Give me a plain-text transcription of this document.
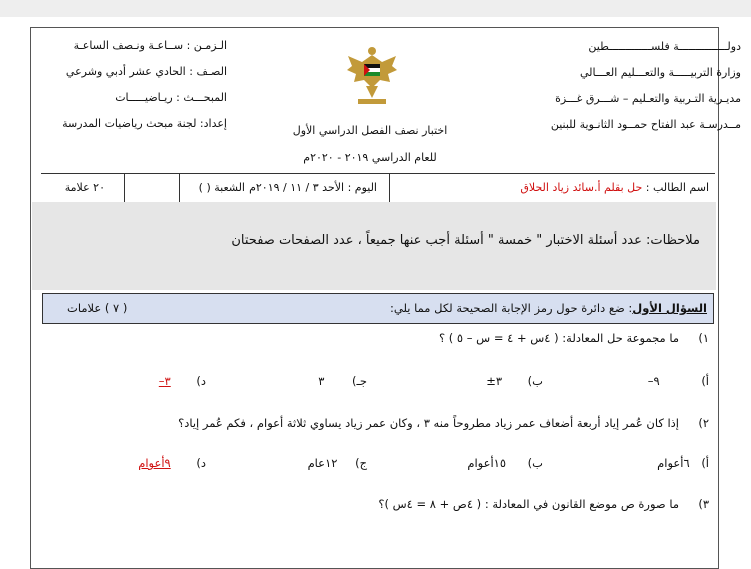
دولـــــــــــــــة فلســـــــــــــطين
وزارة التربيـــــة والتعـــليم العـــالي
مديـرية التـربية والتعـليم – شـــرق غـــزة
مــدرسـة عبد الفتاح حمــود الثانـوية للبنين
اختبار نصف الفصل الدراسي الأول
للعام الدراسي ٢٠١٩ - ٢٠٢٠م
الـزمـن : ســاعـة ونـصف الساعـة
الصـف : الحادي عشر أدبي وشرعي
المبحـــث : ريـاضيـــــات
إعداد: لجنة مبحث رياضيات المدرسة
اسم الطالب : حل بقلم أ.سائد زياد الحلاق
اليوم : الأحد ٣ / ١١ / ٢٠١٩م
الشعبة ( )
٢٠ علامة
ملاحظات: عدد أسئلة الاختبار " خمسة " أسئلة أجب عنها جميعاً ، عدد الصفحات صفحتان
السؤال الأول: ضع دائرة حول رمز الإجابة الصحيحة لكل مما يلي:
( ٧ ) علامات
١)
ما مجموعة حل المعادلة: ( ٤س + ٤ = س – ٥ ) ؟
أ) ٩–
ب) ٣±
جـ) ٣
د) ٣–
٢)
إذا كان عُمر إياد أربعة أضعاف عمر زياد مطروحاً منه ٣ ، وكان عمر زياد يساوي ثلاثة أعوام ، فكم عُمر إياد؟
أ) ٦أعوام
ب) ١٥أعوام
ج) ١٢عام
د) ٩أعوام
٣)
ما صورة ص موضع القانون في المعادلة : ( ٤ص + ٨ = ٤س )؟
